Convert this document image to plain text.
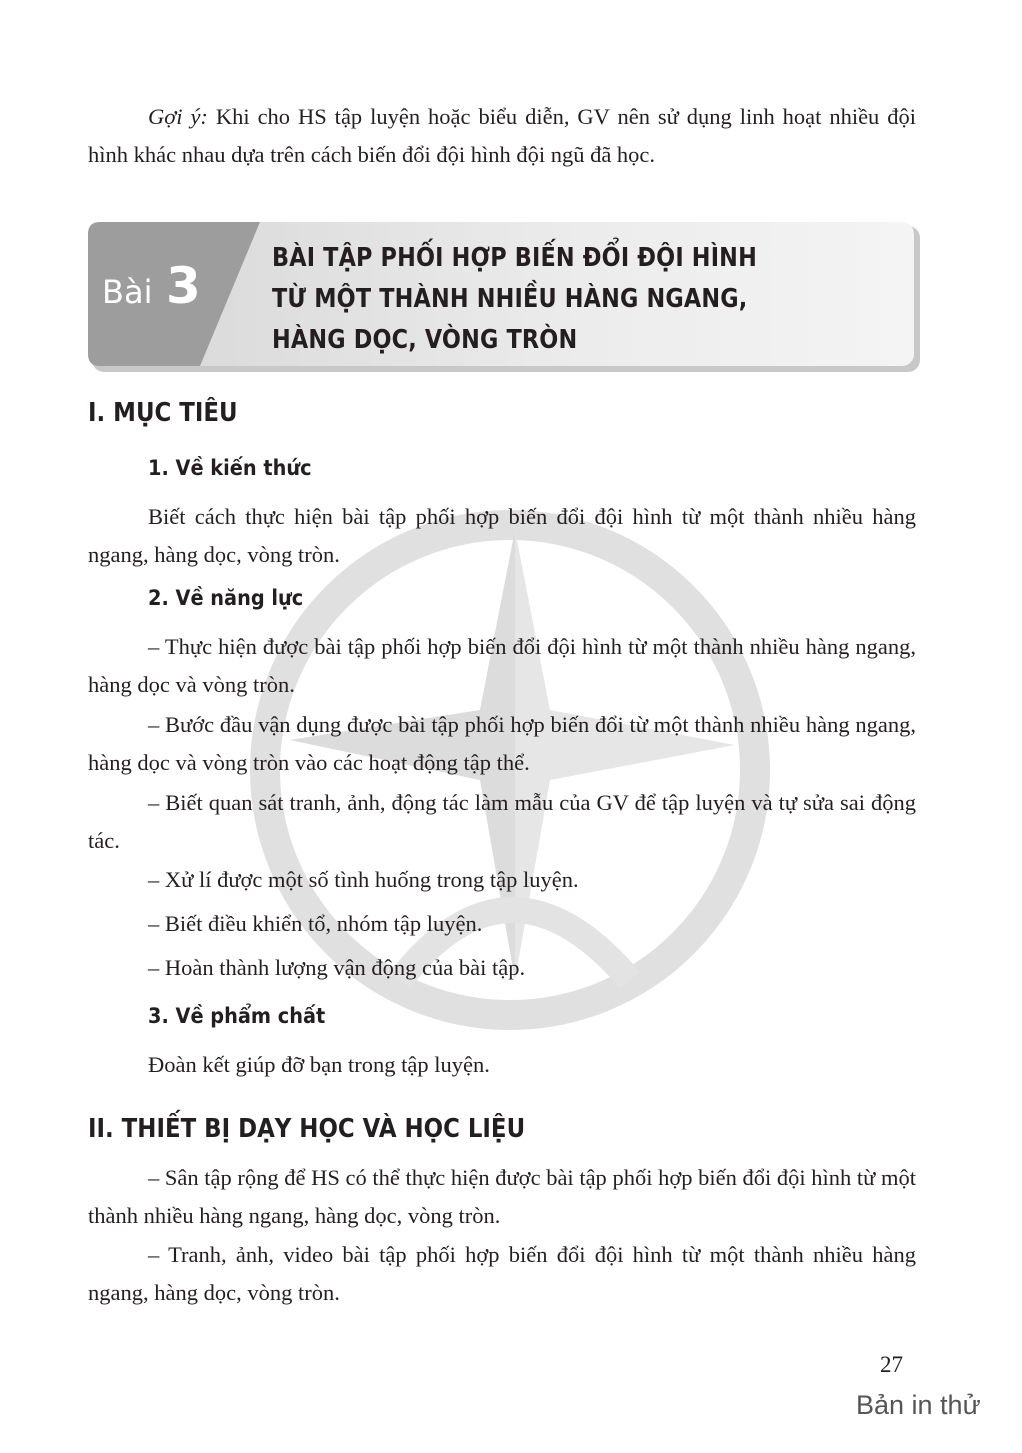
Gợi ý: Khi cho HS tập luyện hoặc biểu diễn, GV nên sử dụng linh hoạt nhiều đội hình khác nhau dựa trên cách biến đổi đội hình đội ngũ đã học.

Bài 3	BÀI TẬP PHỐI HỢP BIẾN ĐỔI ĐỘI HÌNH
TỪ MỘT THÀNH NHIỀU HÀNG NGANG,
HÀNG DỌC, VÒNG TRÒN
I. MỤC TIÊU
1. Về kiến thức

Biết cách thực hiện bài tập phối hợp biến đổi đội hình từ một thành nhiều hàng ngang, hàng dọc, vòng tròn.

2. Về năng lực

– Thực hiện được bài tập phối hợp biến đổi đội hình từ một thành nhiều hàng ngang, hàng dọc và vòng tròn.

– Bước đầu vận dụng được bài tập phối hợp biến đổi từ một thành nhiều hàng ngang, hàng dọc và vòng tròn vào các hoạt động tập thể.

– Biết quan sát tranh, ảnh, động tác làm mẫu của GV để tập luyện và tự sửa sai động tác.

– Xử lí được một số tình huống trong tập luyện.

– Biết điều khiển tổ, nhóm tập luyện.

– Hoàn thành lượng vận động của bài tập.

3. Về phẩm chất

Đoàn kết giúp đỡ bạn trong tập luyện.

II. THIẾT BỊ DẠY HỌC VÀ HỌC LIỆU

– Sân tập rộng để HS có thể thực hiện được bài tập phối hợp biến đổi đội hình từ một thành nhiều hàng ngang, hàng dọc, vòng tròn.

– Tranh, ảnh, video bài tập phối hợp biến đổi đội hình từ một thành nhiều hàng ngang, hàng dọc, vòng tròn.

27
Bản in thử
